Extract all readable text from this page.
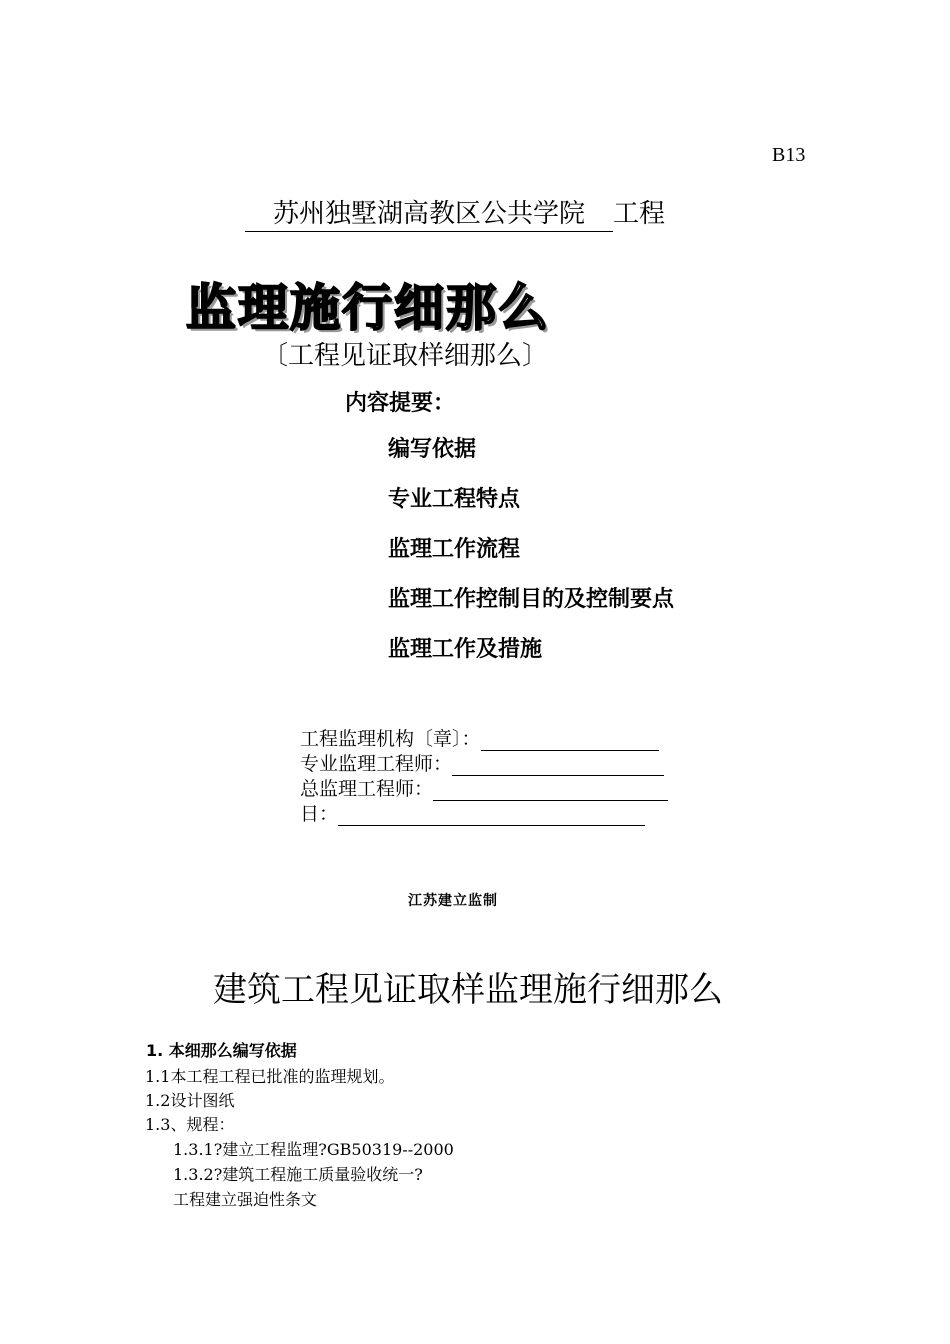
B13
苏州独墅湖高教区公共学院 工程
监理施行细那么
〔工程见证取样细那么〕
内容提要：
编写依据
专业工程特点
监理工作流程
监理工作控制目的及控制要点
监理工作及措施
工程监理机构〔章〕：
专业监理工程师：
总监理工程师：
日：
江苏建立监制
建筑工程见证取样监理施行细那么
1. 本细那么编写依据
1.1本工程工程已批准的监理规划。
1.2设计图纸
1.3、规程：
1.3.1?建立工程监理?GB50319--2000
1.3.2?建筑工程施工质量验收统一?
工程建立强迫性条文
